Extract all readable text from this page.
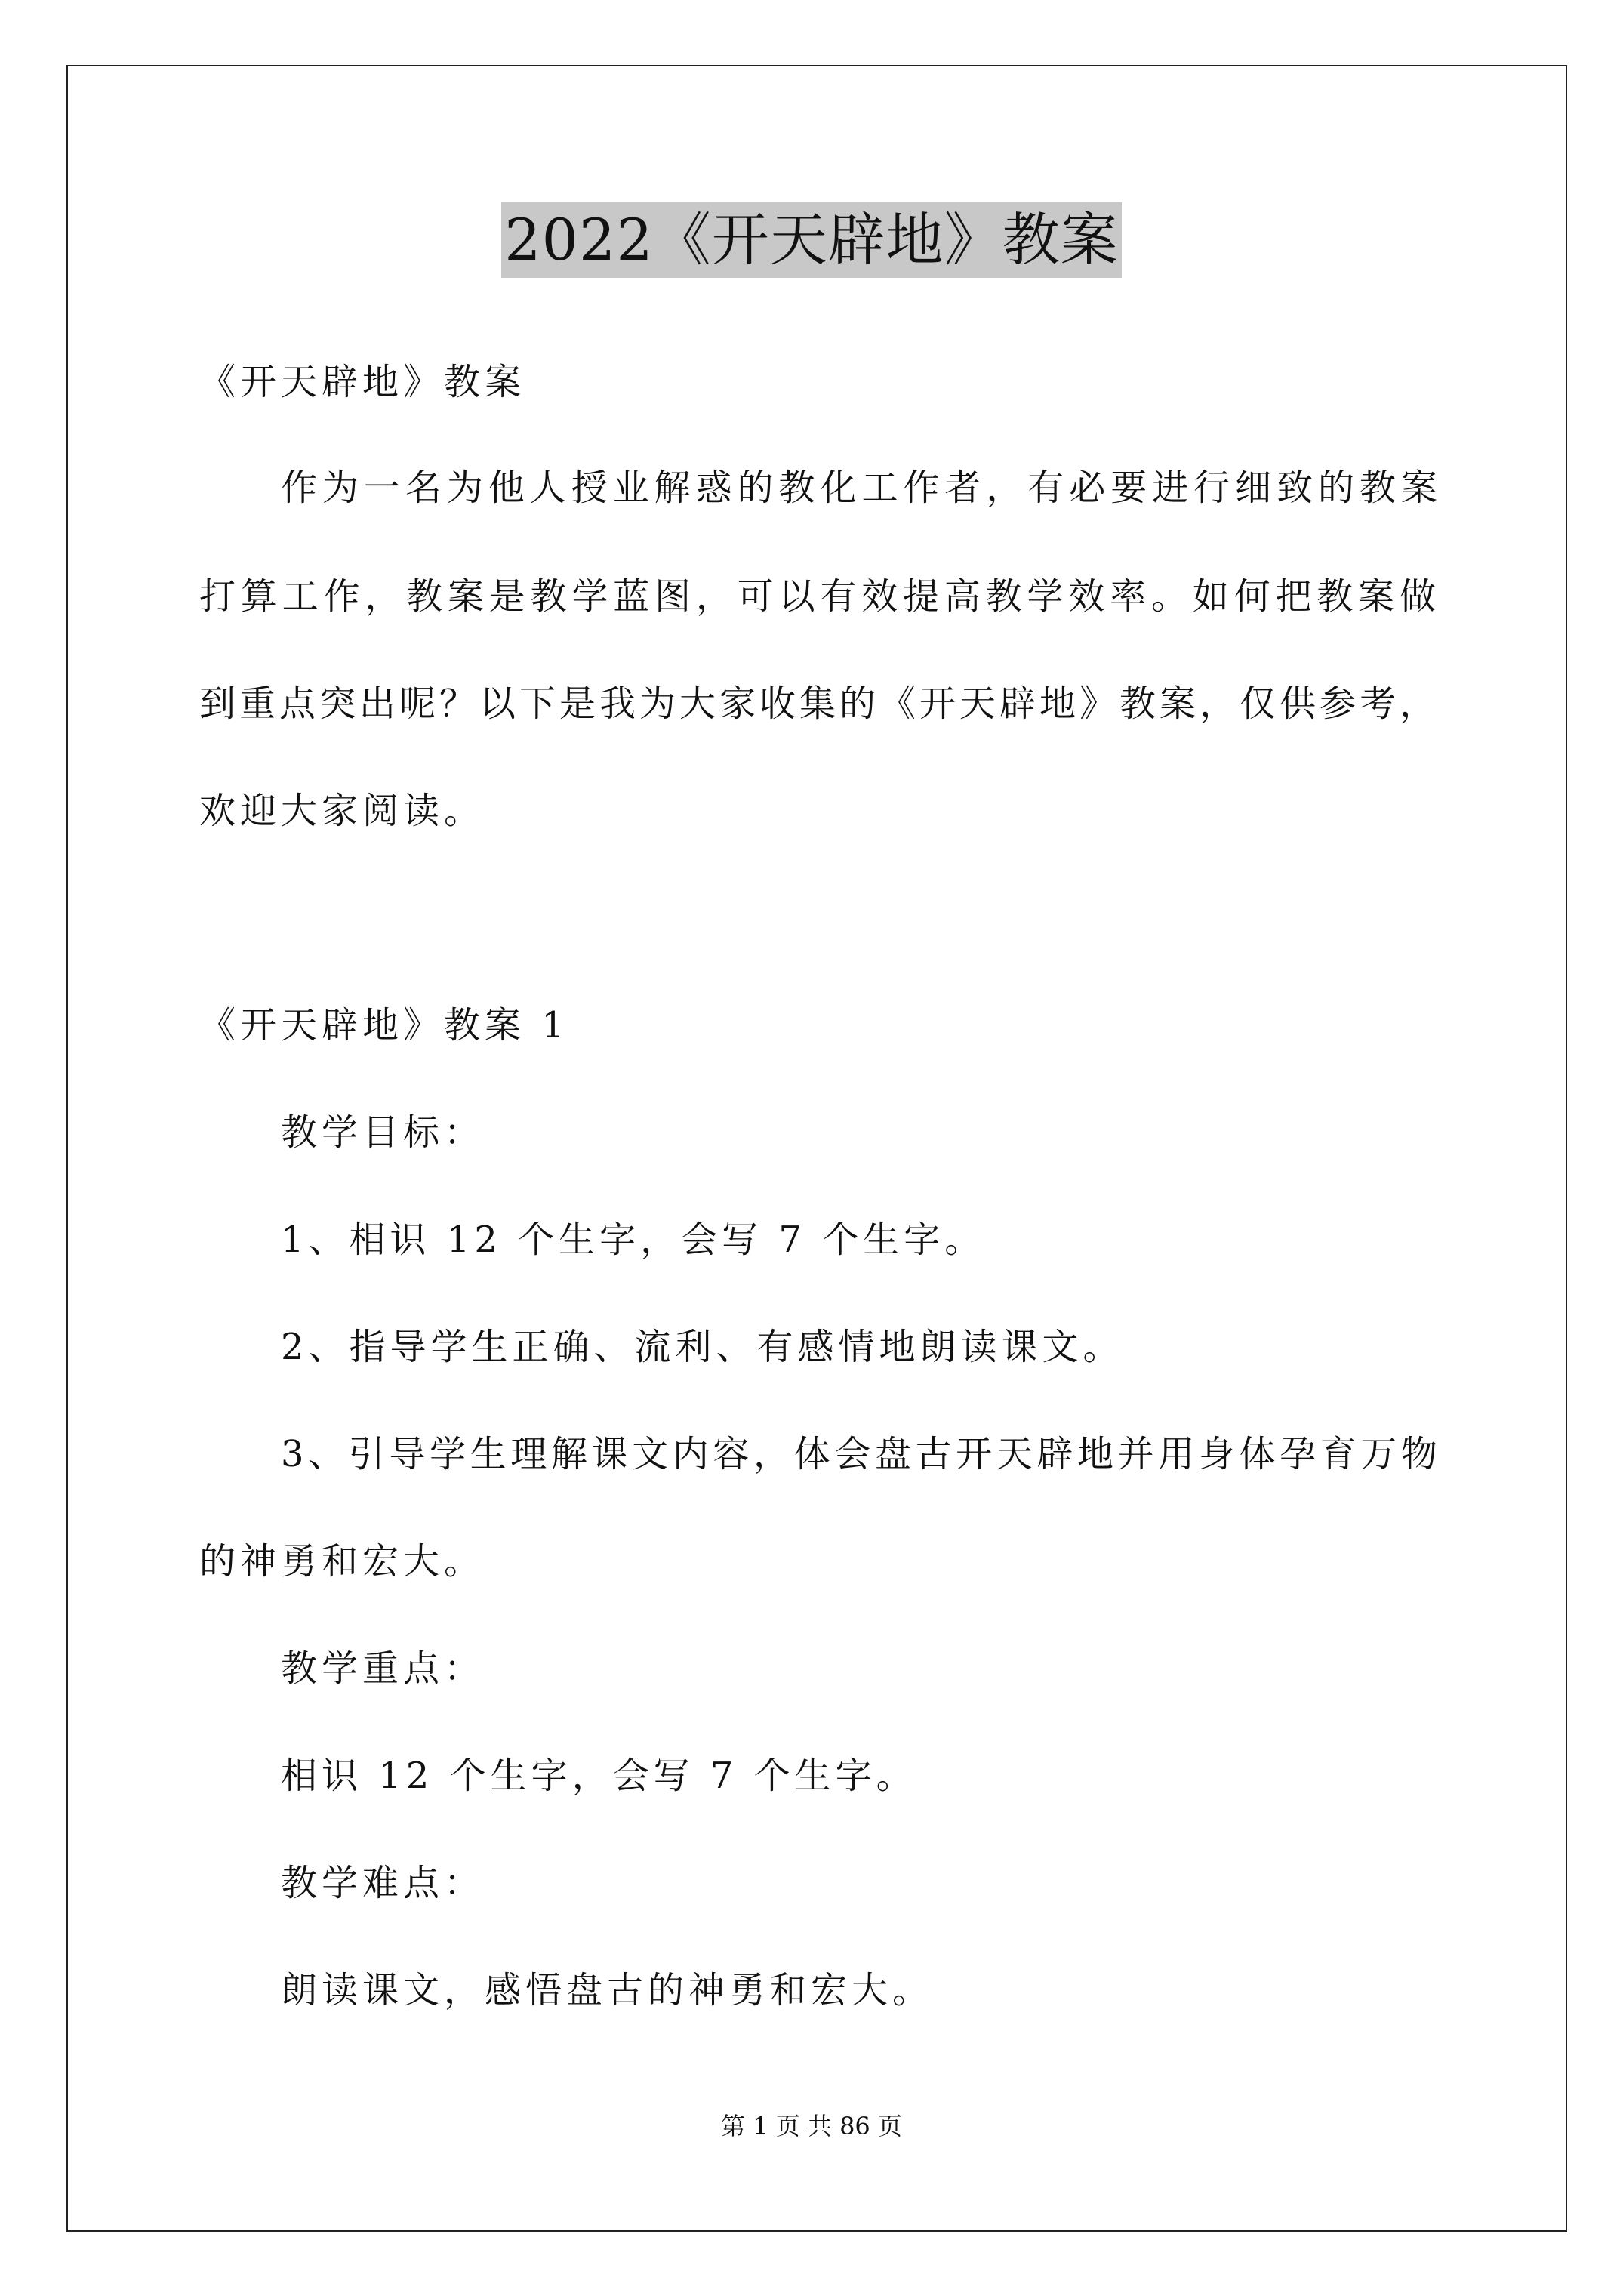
2022《开天辟地》教案
《开天辟地》教案
作为一名为他人授业解惑的教化工作者，有必要进行细致的教案
打算工作，教案是教学蓝图，可以有效提高教学效率。如何把教案做
到重点突出呢？以下是我为大家收集的《开天辟地》教案，仅供参考，
欢迎大家阅读。
《开天辟地》教案 1
教学目标：
1、相识 12 个生字，会写 7 个生字。
2、指导学生正确、流利、有感情地朗读课文。
3、引导学生理解课文内容，体会盘古开天辟地并用身体孕育万物
的神勇和宏大。
教学重点：
相识 12 个生字，会写 7 个生字。
教学难点：
朗读课文，感悟盘古的神勇和宏大。
第 1 页 共 86 页
